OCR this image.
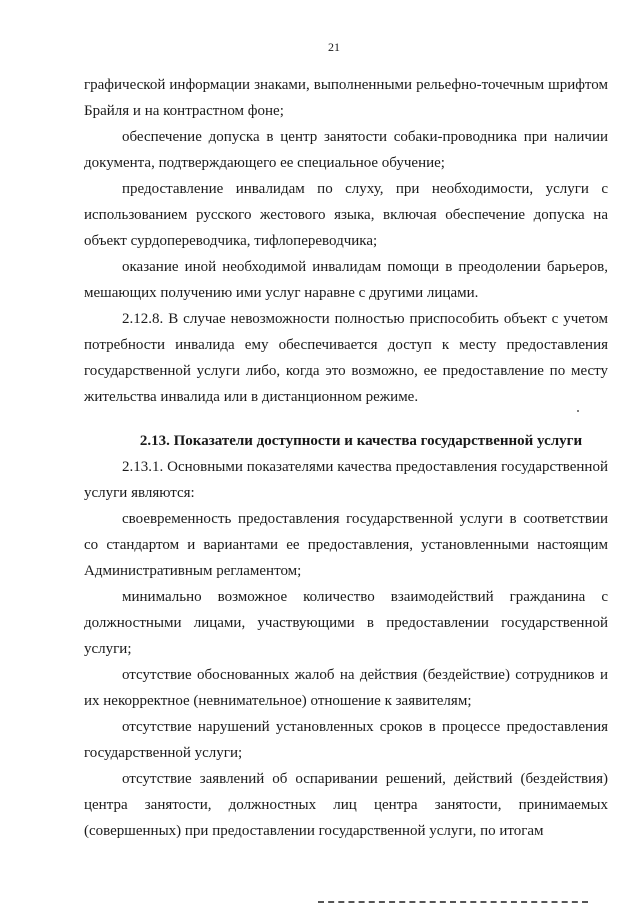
21

графической информации знаками, выполненными рельефно-точечным шрифтом Брайля и на контрастном фоне;

обеспечение допуска в центр занятости собаки-проводника при наличии документа, подтверждающего ее специальное обучение;

предоставление инвалидам по слуху, при необходимости, услуги с использованием русского жестового языка, включая обеспечение допуска на объект сурдопереводчика, тифлопереводчика;

оказание иной необходимой инвалидам помощи в преодолении барьеров, мешающих получению ими услуг наравне с другими лицами.

2.12.8. В случае невозможности полностью приспособить объект с учетом потребности инвалида ему обеспечивается доступ к месту предоставления государственной услуги либо, когда это возможно, ее предоставление по месту жительства инвалида или в дистанционном режиме.

2.13. Показатели доступности и качества государственной услуги

2.13.1. Основными показателями качества предоставления государственной услуги являются:

своевременность предоставления государственной услуги в соответствии со стандартом и вариантами ее предоставления, установленными настоящим Административным регламентом;

минимально возможное количество взаимодействий гражданина с должностными лицами, участвующими в предоставлении государственной услуги;

отсутствие обоснованных жалоб на действия (бездействие) сотрудников и их некорректное (невнимательное) отношение к заявителям;

отсутствие нарушений установленных сроков в процессе предоставления государственной услуги;

отсутствие заявлений об оспаривании решений, действий (бездействия) центра занятости, должностных лиц центра занятости, принимаемых (совершенных) при предоставлении государственной услуги, по итогам
